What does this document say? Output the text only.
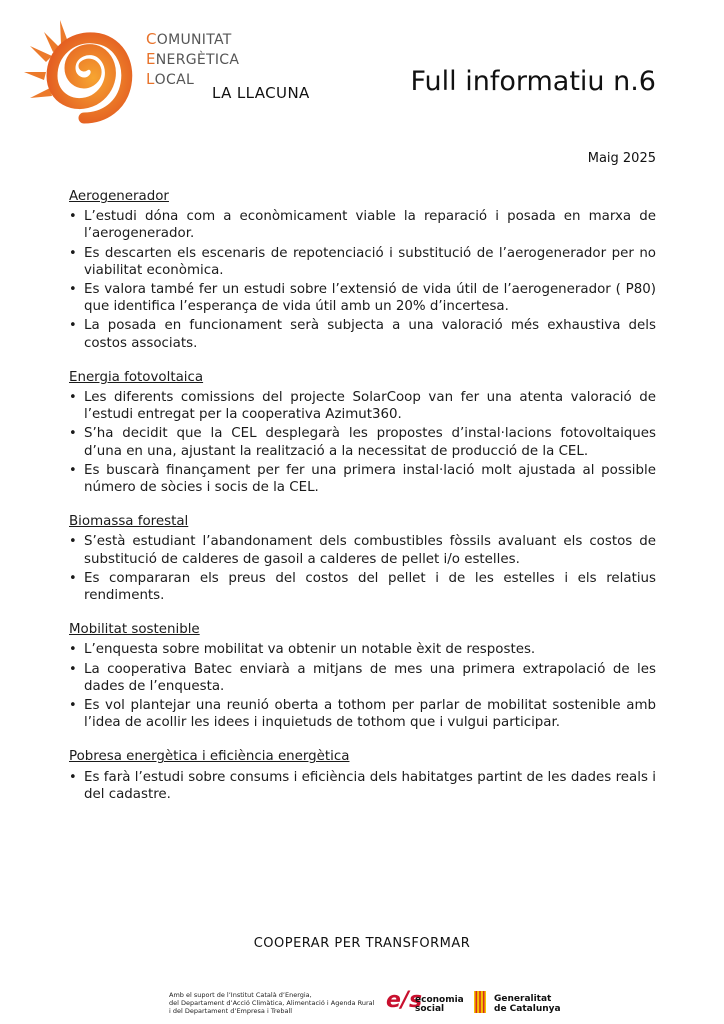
COMUNITAT
ENERGÈTICA
LOCAL
LA LLACUNA	Full informatiu n.6
Maig 2025
Aerogenerador
• L’estudi dóna com a econòmicament viable la reparació i posada en marxa de l’aerogenerador.
• Es descarten els escenaris de repotenciació i substitució de l’aerogenerador per no viabilitat econòmica.
• Es valora també fer un estudi sobre l’extensió de vida útil de l’aerogenerador ( P80) que identifica l’esperança de vida útil amb un 20% d’incertesa.
• La posada en funcionament serà subjecta a una valoració més exhaustiva dels costos associats.
Energia fotovoltaica
• Les diferents comissions del projecte SolarCoop van fer una atenta valoració de l’estudi entregat per la cooperativa Azimut360.
• S’ha decidit que la CEL desplegarà les propostes d’instal·lacions fotovoltaiques d’una en una, ajustant la realització a la necessitat de producció de la CEL.
• Es buscarà finançament per fer una primera instal·lació molt ajustada al possible número de sòcies i socis de la CEL.
Biomassa forestal
• S’està estudiant l’abandonament dels combustibles fòssils avaluant els costos de substitució de calderes de gasoil a calderes de pellet i/o estelles.
• Es compararan els preus del costos del pellet i de les estelles i els relatius rendiments.
Mobilitat sostenible
• L’enquesta sobre mobilitat va obtenir un notable èxit de respostes.
• La cooperativa Batec enviarà a mitjans de mes una primera extrapolació de les dades de l’enquesta.
• Es vol plantejar una reunió oberta a tothom per parlar de mobilitat sostenible amb l’idea de acollir les idees i inquietuds de tothom que i vulgui participar.
Pobresa energètica i eficiència energètica
• Es farà l’estudi sobre consums i eficiència dels habitatges partint de les dades reals i del cadastre.
COOPERAR PER TRANSFORMAR
Amb el suport de l’Institut Català d’Energia,
del Departament d’Acció Climàtica, Alimentació i Agenda Rural
i del Departament d’Empresa i Treball	e/s
economia
social
Generalitat
de Catalunya
